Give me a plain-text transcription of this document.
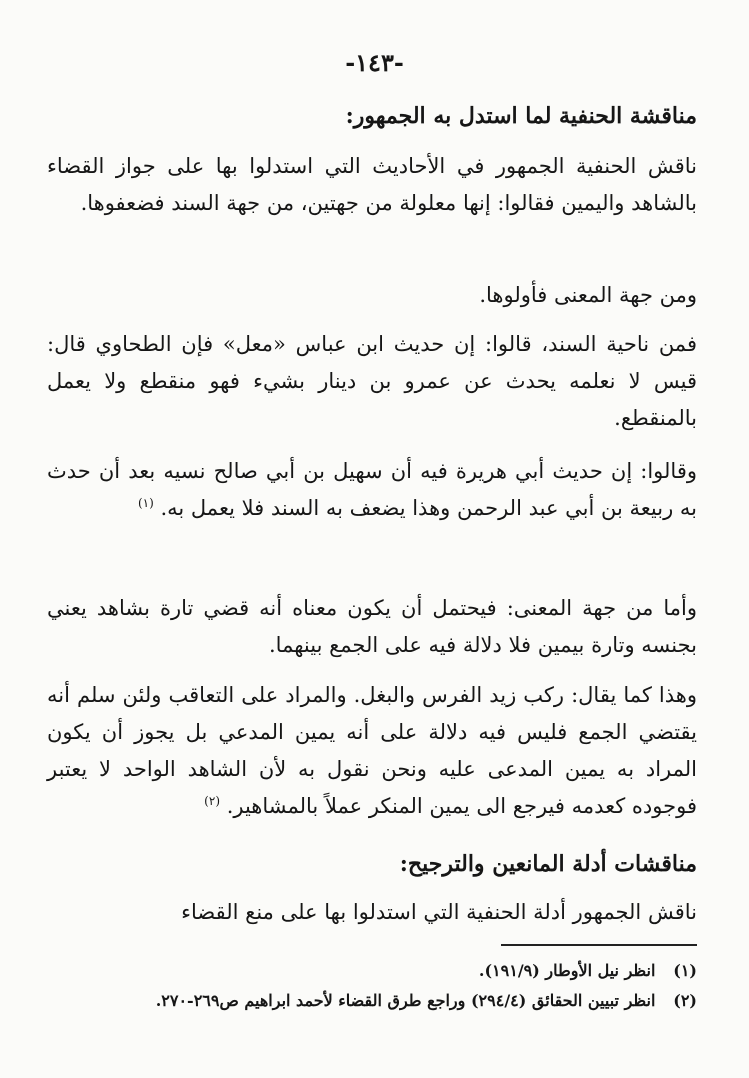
-١٤٣-
مناقشة الحنفية لما استدل به الجمهور:
ناقش الحنفية الجمهور في الأحاديث التي استدلوا بها على جواز القضاء بالشاهد واليمين فقالوا: إنها معلولة من جهتين، من جهة السند فضعفوها.
ومن جهة المعنى فأولوها.
فمن ناحية السند، قالوا: إن حديث ابن عباس «معل» فإن الطحاوي قال: قيس لا نعلمه يحدث عن عمرو بن دينار بشيء فهو منقطع ولا يعمل بالمنقطع.
وقالوا: إن حديث أبي هريرة فيه أن سهيل بن أبي صالح نسيه بعد أن حدث به ربيعة بن أبي عبد الرحمن وهذا يضعف به السند فلا يعمل به. $^{(١)}$
وأما من جهة المعنى: فيحتمل أن يكون معناه أنه قضي تارة بشاهد يعني بجنسه وتارة بيمين فلا دلالة فيه على الجمع بينهما.
وهذا كما يقال: ركب زيد الفرس والبغل. والمراد على التعاقب ولئن سلم أنه يقتضي الجمع فليس فيه دلالة على أنه يمين المدعي بل يجوز أن يكون المراد به يمين المدعى عليه ونحن نقول به لأن الشاهد الواحد لا يعتبر فوجوده كعدمه فيرجع الى يمين المنكر عملاً بالمشاهير. $^{(٢)}$
مناقشات أدلة المانعين والترجيح:
ناقش الجمهور أدلة الحنفية التي استدلوا بها على منع القضاء
(١) انظر نيل الأوطار (١٩١/٩).
(٢) انظر تبيين الحقائق (٢٩٤/٤) وراجع طرق القضاء لأحمد ابراهيم ص٢٦٩-٢٧٠.
